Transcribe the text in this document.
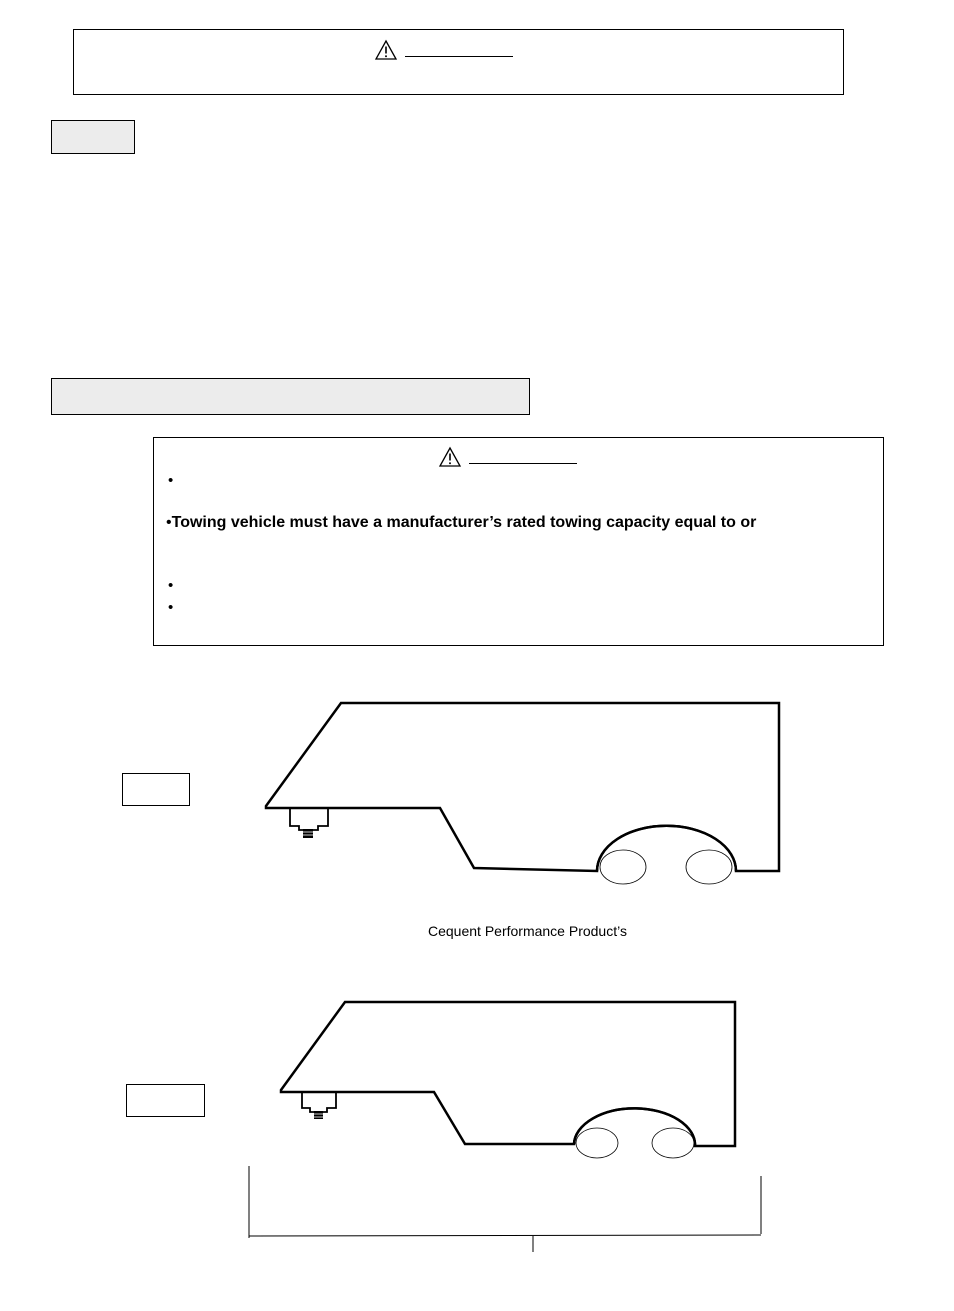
•
•Towing vehicle must have a manufacturer’s rated towing capacity equal to or
•
•
Cequent Performance Product’s
